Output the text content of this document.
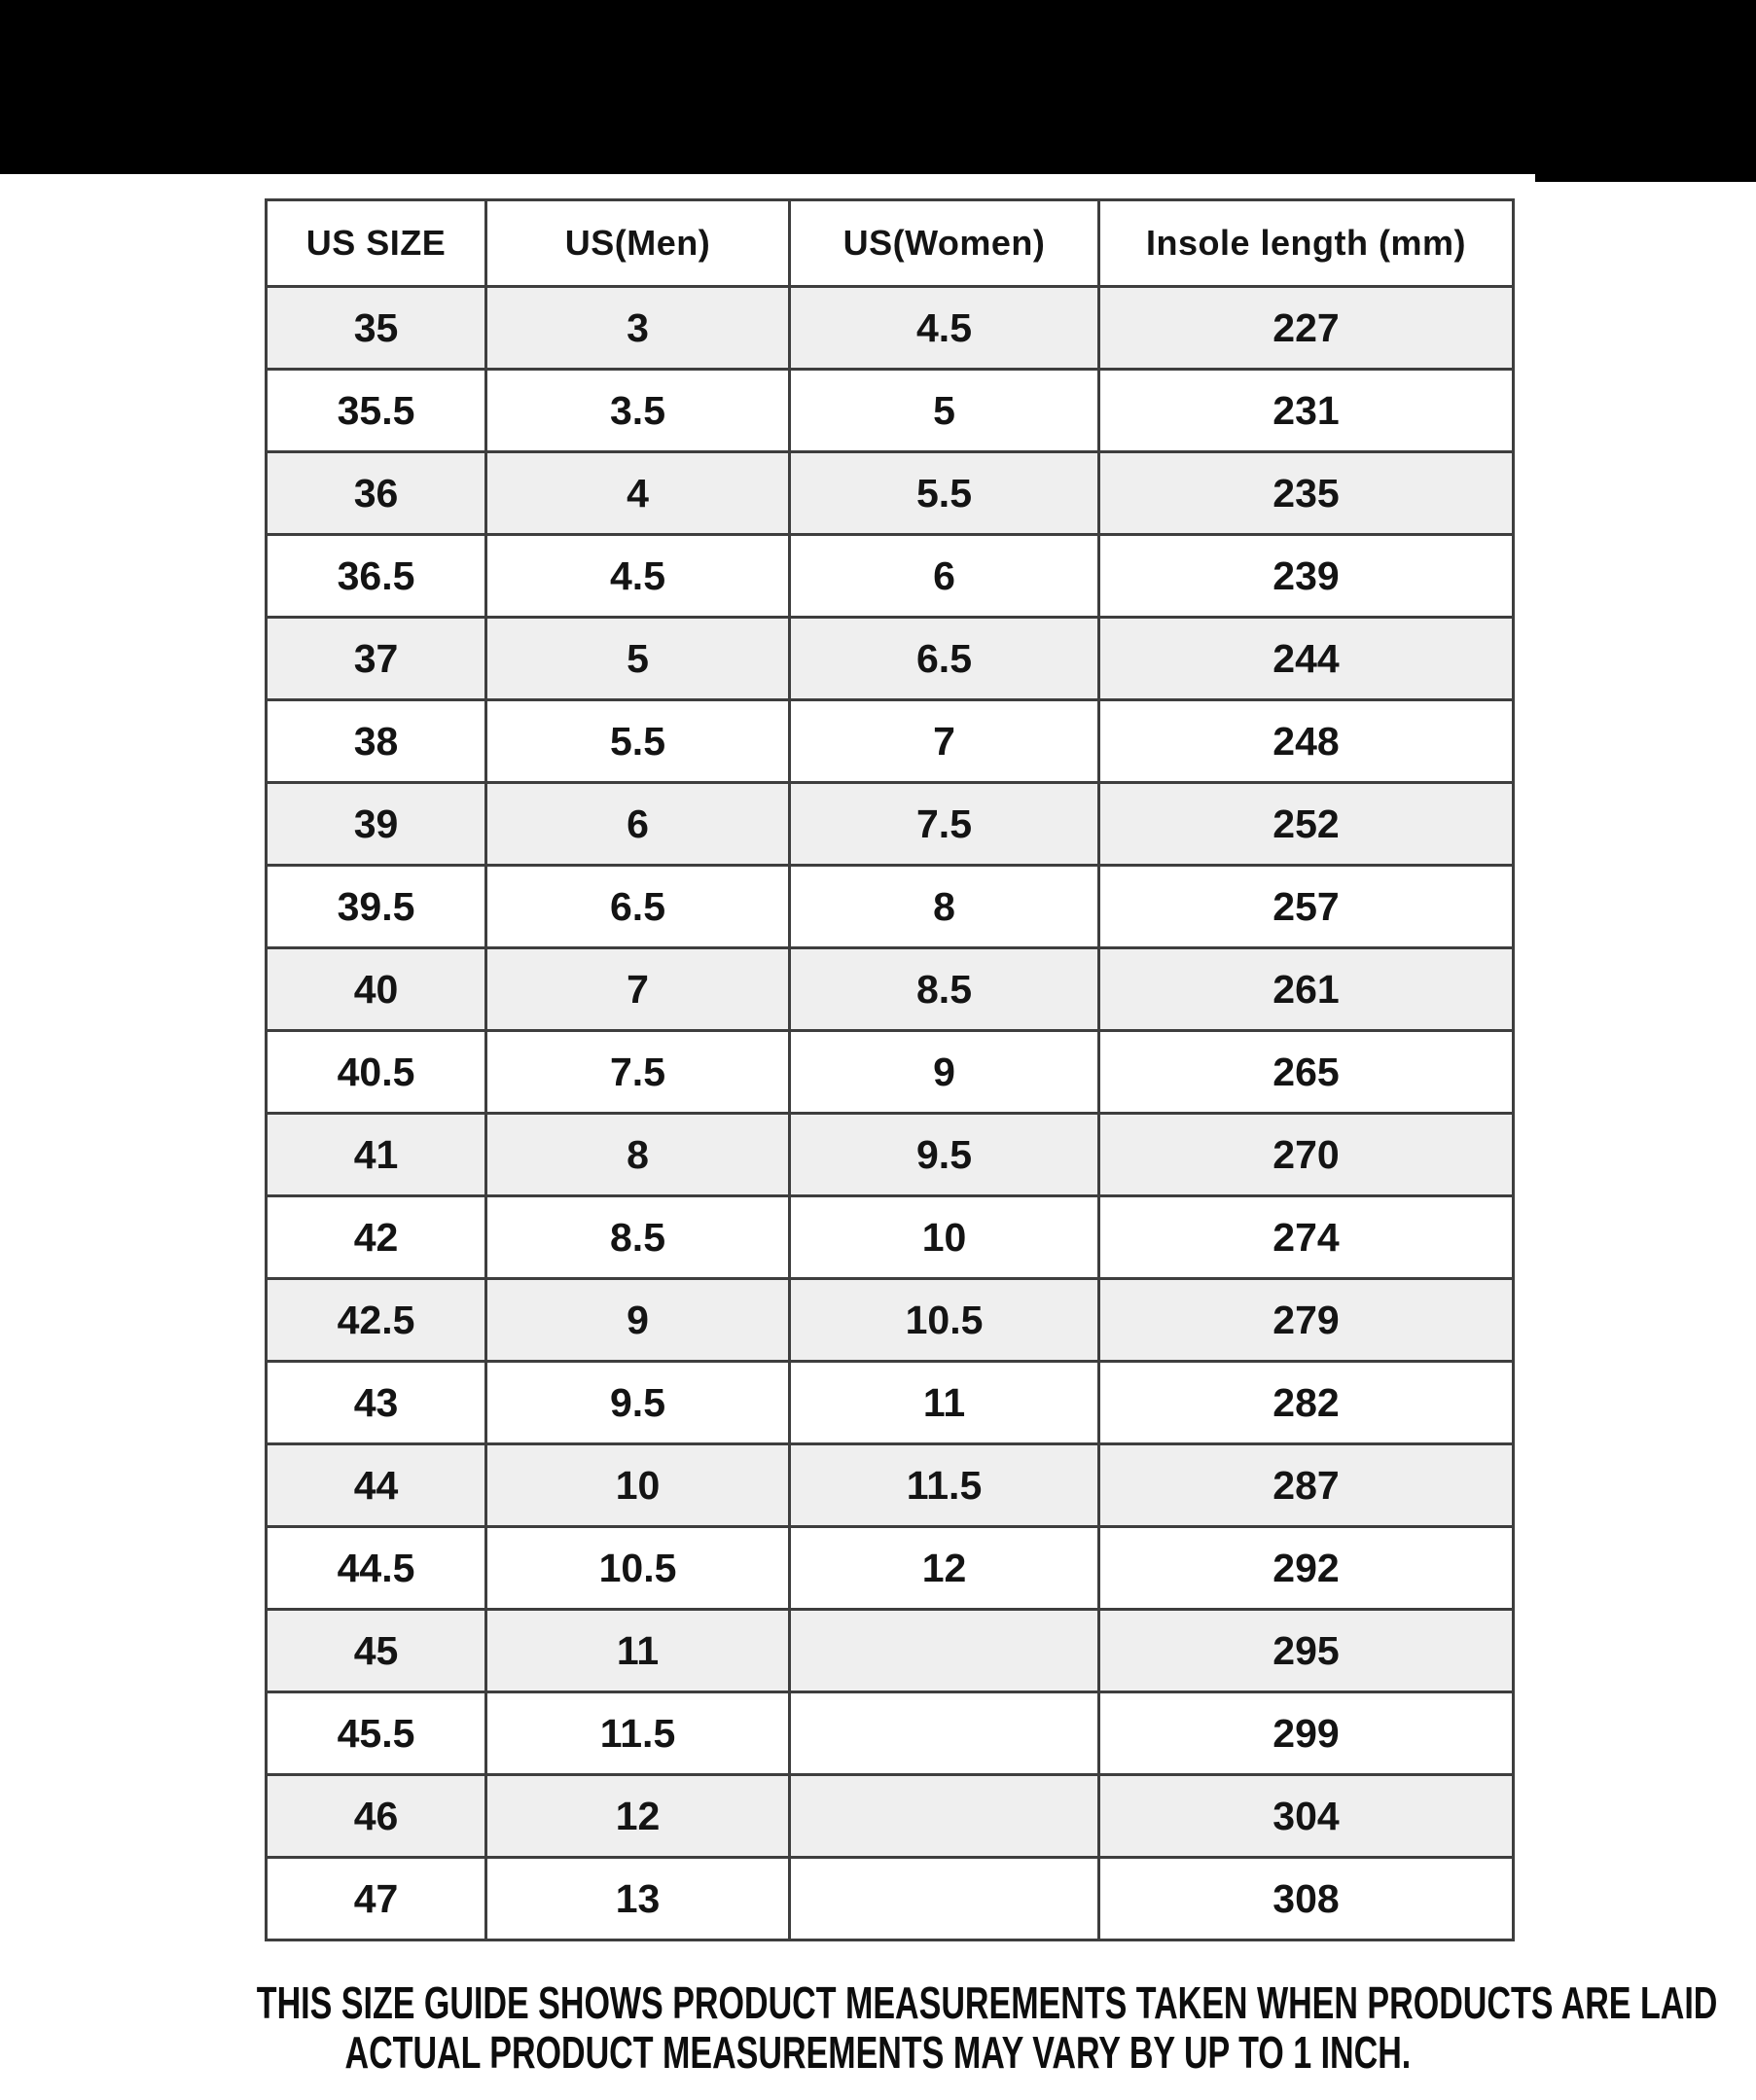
US SIZE	US(Men)	US(Women)	Insole length (mm)
35	3	4.5	227
35.5	3.5	5	231
36	4	5.5	235
36.5	4.5	6	239
37	5	6.5	244
38	5.5	7	248
39	6	7.5	252
39.5	6.5	8	257
40	7	8.5	261
40.5	7.5	9	265
41	8	9.5	270
42	8.5	10	274
42.5	9	10.5	279
43	9.5	11	282
44	10	11.5	287
44.5	10.5	12	292
45	11		295
45.5	11.5		299
46	12		304
47	13		308
THIS SIZE GUIDE SHOWS PRODUCT MEASUREMENTS TAKEN WHEN PRODUCTS ARE LAID
ACTUAL PRODUCT MEASUREMENTS MAY VARY BY UP TO 1 INCH.
